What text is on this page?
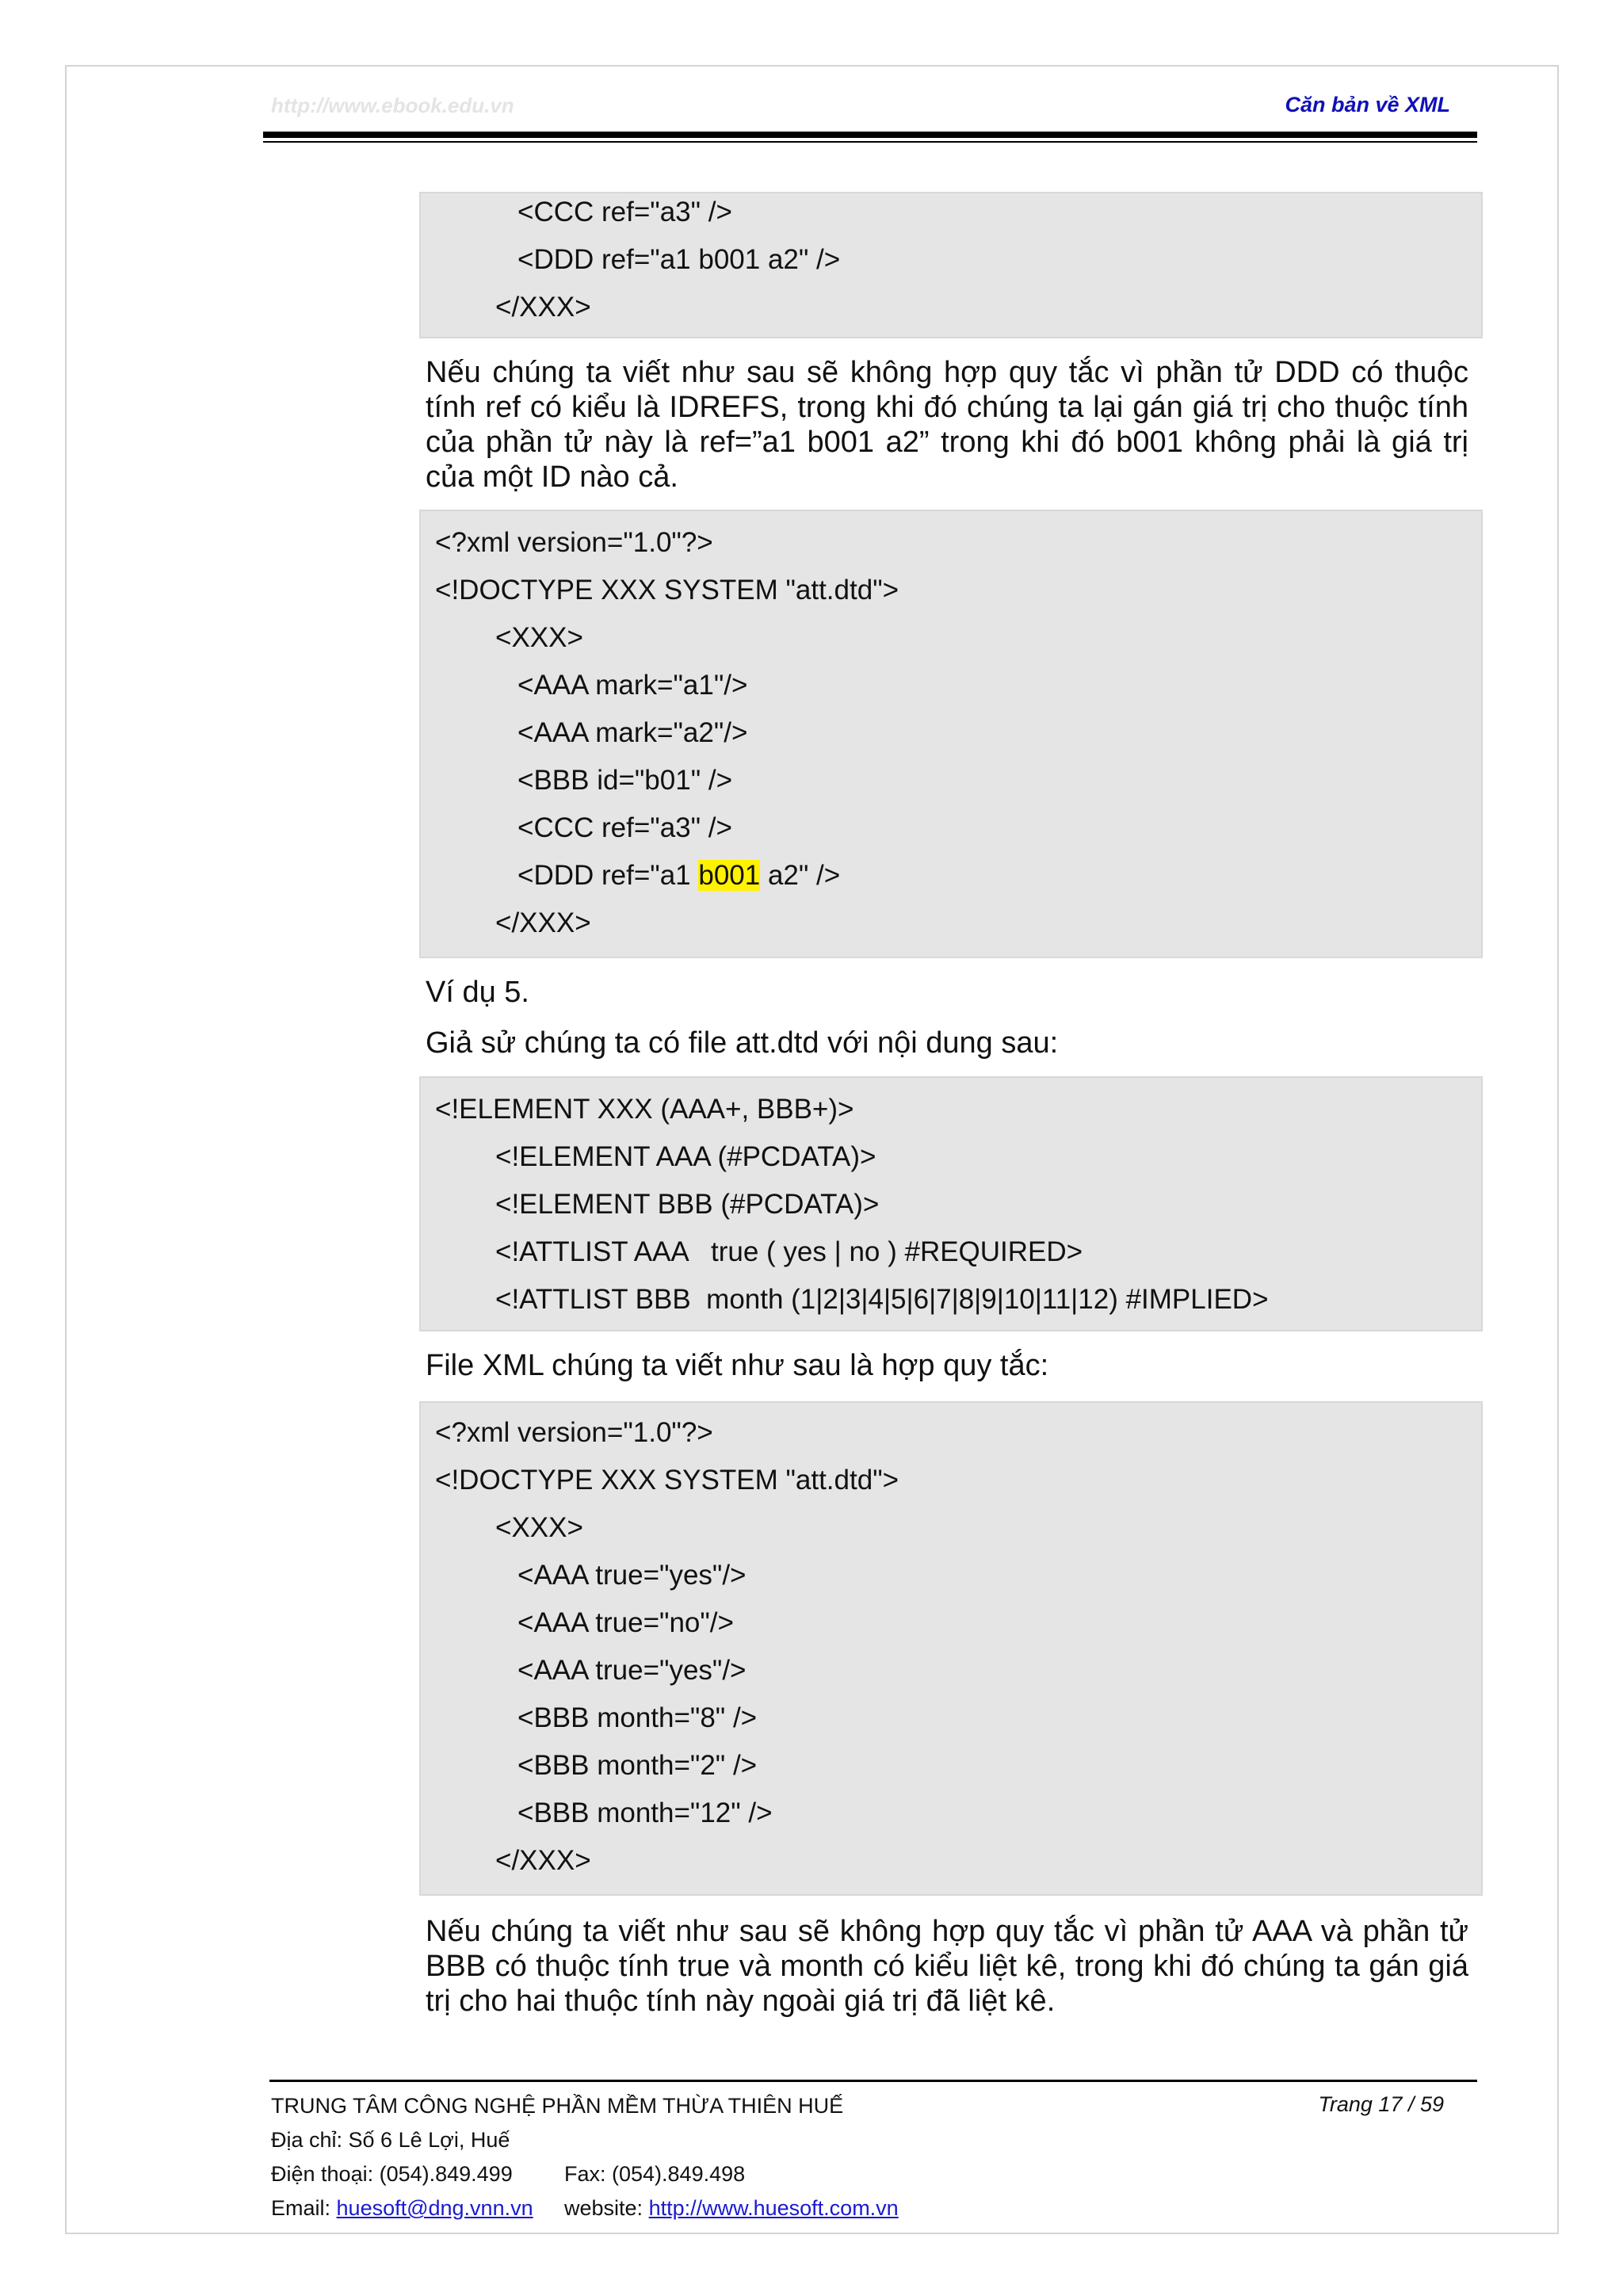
http://www.ebook.edu.vn	Căn bản về XML
<CCC ref="a3" />
<DDD ref="a1 b001 a2" />
</XXX>
Nếu chúng ta viết như sau sẽ không hợp quy tắc vì phần tử DDD có thuộc
tính ref có kiểu là IDREFS, trong khi đó chúng ta lại gán giá trị cho thuộc tính
của phần tử này là ref=”a1 b001 a2” trong khi đó b001 không phải là giá trị
của một ID nào cả.
<?xml version="1.0"?>
<!DOCTYPE XXX SYSTEM "att.dtd">
<XXX>
<AAA mark="a1"/>
<AAA mark="a2"/>
<BBB id="b01" />
<CCC ref="a3" />
<DDD ref="a1 b001 a2" />
</XXX>
Ví dụ 5.
Giả sử chúng ta có file att.dtd với nội dung sau:
<!ELEMENT XXX (AAA+, BBB+)>
<!ELEMENT AAA (#PCDATA)>
<!ELEMENT BBB (#PCDATA)>
<!ATTLIST AAA   true ( yes | no ) #REQUIRED>
<!ATTLIST BBB  month (1|2|3|4|5|6|7|8|9|10|11|12) #IMPLIED>
File XML chúng ta viết như sau là hợp quy tắc:
<?xml version="1.0"?>
<!DOCTYPE XXX SYSTEM "att.dtd">
<XXX>
<AAA true="yes"/>
<AAA true="no"/>
<AAA true="yes"/>
<BBB month="8" />
<BBB month="2" />
<BBB month="12" />
</XXX>
Nếu chúng ta viết như sau sẽ không hợp quy tắc vì phần tử AAA và phần tử
BBB có thuộc tính true và month có kiểu liệt kê, trong khi đó chúng ta gán giá
trị cho hai thuộc tính này ngoài giá trị đã liệt kê.
TRUNG TÂM CÔNG NGHỆ PHẦN MỀM THỪA THIÊN HUẾ	Trang 17 / 59
Địa chỉ: Số 6 Lê Lợi, Huế
Điện thoại: (054).849.499 Fax: (054).849.498
Email: huesoft@dng.vnn.vn website: http://www.huesoft.com.vn
